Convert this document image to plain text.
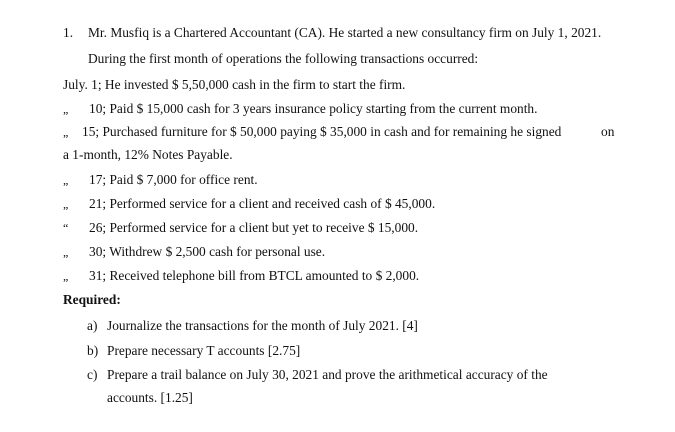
1. Mr. Musfiq is a Chartered Accountant (CA). He started a new consultancy firm on July 1, 2021.
During the first month of operations the following transactions occurred:
July. 1; He invested $ 5,50,000 cash in the firm to start the firm.
„ 10; Paid $ 15,000 cash for 3 years insurance policy starting from the current month.
„ 15; Purchased furniture for $ 50,000 paying $ 35,000 in cash and for remaining he signed	on
a 1-month, 12% Notes Payable.
„ 17; Paid $ 7,000 for office rent.
„ 21; Performed service for a client and received cash of $ 45,000.
“ 26; Performed service for a client but yet to receive $ 15,000.
„ 30; Withdrew $ 2,500 cash for personal use.
„ 31; Received telephone bill from BTCL amounted to $ 2,000.
Required:
a) Journalize the transactions for the month of July 2021. [4]
b) Prepare necessary T accounts [2.75]
c) Prepare a trail balance on July 30, 2021 and prove the arithmetical accuracy of the
accounts. [1.25]
